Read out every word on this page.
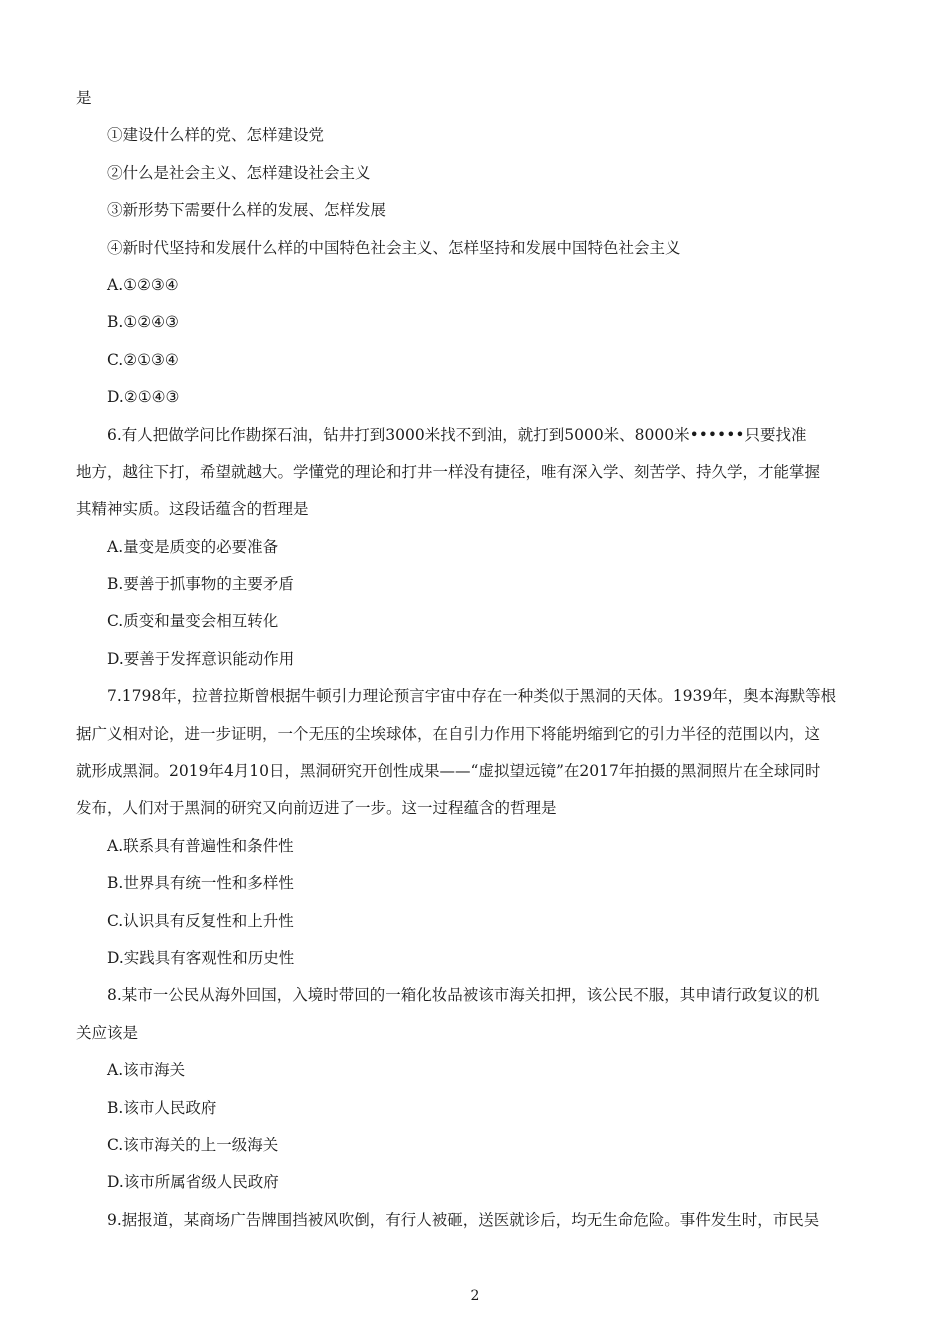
是
①建设什么样的党、怎样建设党
②什么是社会主义、怎样建设社会主义
③新形势下需要什么样的发展、怎样发展
④新时代坚持和发展什么样的中国特色社会主义、怎样坚持和发展中国特色社会主义
A.①②③④
B.①②④③
C.②①③④
D.②①④③
6.有人把做学问比作勘探石油，钻井打到3000米找不到油，就打到5000米、8000米••••••只要找准
地方，越往下打，希望就越大。学懂党的理论和打井一样没有捷径，唯有深入学、刻苦学、持久学，才能掌握
其精神实质。这段话蕴含的哲理是
A.量变是质变的必要准备
B.要善于抓事物的主要矛盾
C.质变和量变会相互转化
D.要善于发挥意识能动作用
7.1798年，拉普拉斯曾根据牛顿引力理论预言宇宙中存在一种类似于黑洞的天体。1939年，奥本海默等根
据广义相对论，进一步证明，一个无压的尘埃球体，在自引力作用下将能坍缩到它的引力半径的范围以内，这
就形成黑洞。2019年4月10日，黑洞研究开创性成果——“虚拟望远镜”在2017年拍摄的黑洞照片在全球同时
发布，人们对于黑洞的研究又向前迈进了一步。这一过程蕴含的哲理是
A.联系具有普遍性和条件性
B.世界具有统一性和多样性
C.认识具有反复性和上升性
D.实践具有客观性和历史性
8.某市一公民从海外回国，入境时带回的一箱化妆品被该市海关扣押，该公民不服，其申请行政复议的机
关应该是
A.该市海关
B.该市人民政府
C.该市海关的上一级海关
D.该市所属省级人民政府
9.据报道，某商场广告牌围挡被风吹倒，有行人被砸，送医就诊后，均无生命危险。事件发生时，市民吴
2
